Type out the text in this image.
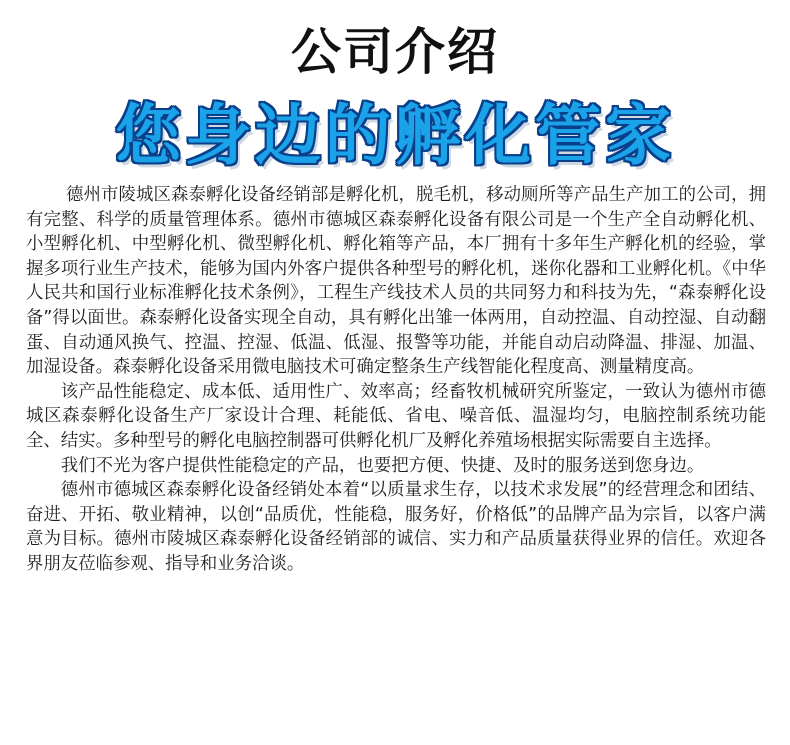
公司介绍
您身边的孵化管家

德州市陵城区森泰孵化设备经销部是孵化机，脱毛机，移动厕所等产品生产加工的公司，拥有完整、科学的质量管理体系。德州市德城区森泰孵化设备有限公司是一个生产全自动孵化机、小型孵化机、中型孵化机、微型孵化机、孵化箱等产品，本厂拥有十多年生产孵化机的经验，掌握多项行业生产技术，能够为国内外客户提供各种型号的孵化机，迷你化器和工业孵化机。《中华人民共和国行业标准孵化技术条例》，工程生产线技术人员的共同努力和科技为先，“森泰孵化设备”得以面世。森泰孵化设备实现全自动，具有孵化出雏一体两用，自动控温、自动控湿、自动翻蛋、自动通风换气、控温、控湿、低温、低湿、报警等功能，并能自动启动降温、排湿、加温、加湿设备。森泰孵化设备采用微电脑技术可确定整条生产线智能化程度高、测量精度高。

该产品性能稳定、成本低、适用性广、效率高；经畜牧机械研究所鉴定，一致认为德州市德城区森泰孵化设备生产厂家设计合理、耗能低、省电、噪音低、温湿均匀，电脑控制系统功能全、结实。多种型号的孵化电脑控制器可供孵化机厂及孵化养殖场根据实际需要自主选择。

我们不光为客户提供性能稳定的产品，也要把方便、快捷、及时的服务送到您身边。

德州市德城区森泰孵化设备经销处本着“以质量求生存，以技术求发展”的经营理念和团结、奋进、开拓、敬业精神，以创“品质优，性能稳，服务好，价格低”的品牌产品为宗旨，以客户满意为目标。德州市陵城区森泰孵化设备经销部的诚信、实力和产品质量获得业界的信任。欢迎各界朋友莅临参观、指导和业务洽谈。
